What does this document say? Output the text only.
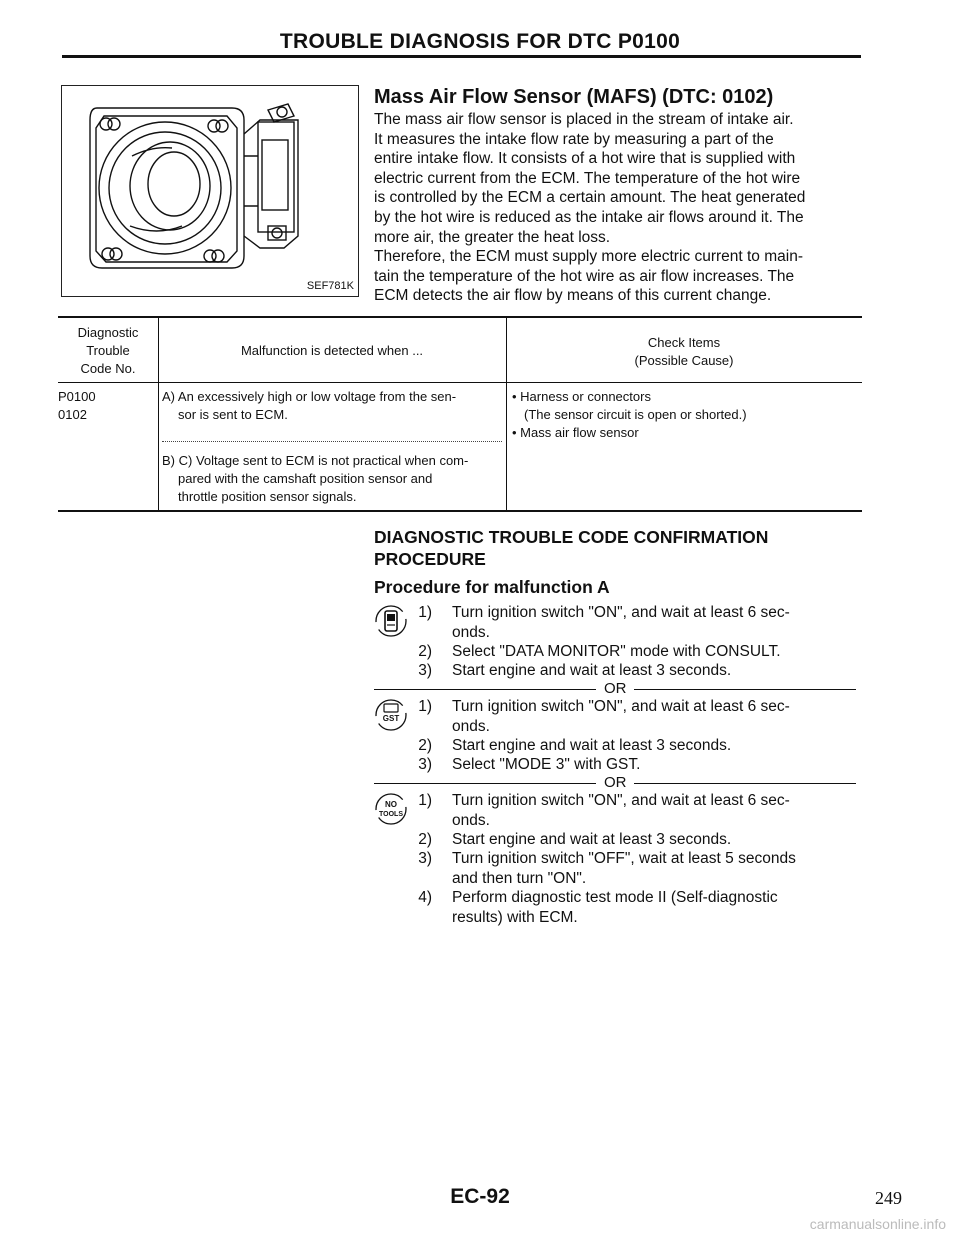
TROUBLE DIAGNOSIS FOR DTC P0100
SEF781K
Mass Air Flow Sensor (MAFS) (DTC: 0102)
The mass air flow sensor is placed in the stream of intake air.
It measures the intake flow rate by measuring a part of the
entire intake flow. It consists of a hot wire that is supplied with
electric current from the ECM. The temperature of the hot wire
is controlled by the ECM a certain amount. The heat generated
by the hot wire is reduced as the intake air flows around it. The
more air, the greater the heat loss.
Therefore, the ECM must supply more electric current to main-
tain the temperature of the hot wire as air flow increases. The
ECM detects the air flow by means of this current change.
Diagnostic
Trouble
Code No.
Malfunction is detected when ...
Check Items
(Possible Cause)
P0100
0102
A) An excessively high or low voltage from the sen-
sor is sent to ECM.
B) C) Voltage sent to ECM is not practical when com-
pared with the camshaft position sensor and
throttle position sensor signals.
• Harness or connectors
(The sensor circuit is open or shorted.)
• Mass air flow sensor
DIAGNOSTIC TROUBLE CODE CONFIRMATION
PROCEDURE
Procedure for malfunction A
1) Turn ignition switch "ON", and wait at least 6 sec-
onds.
2) Select "DATA MONITOR" mode with CONSULT.
3) Start engine and wait at least 3 seconds.
OR
GST
1) Turn ignition switch "ON", and wait at least 6 sec-
onds.
2) Start engine and wait at least 3 seconds.
3) Select "MODE 3" with GST.
OR
NO
TOOLS
1) Turn ignition switch "ON", and wait at least 6 sec-
onds.
2) Start engine and wait at least 3 seconds.
3) Turn ignition switch "OFF", wait at least 5 seconds
and then turn "ON".
4) Perform diagnostic test mode II (Self-diagnostic
results) with ECM.
EC-92	249
carmanualsonline.info
